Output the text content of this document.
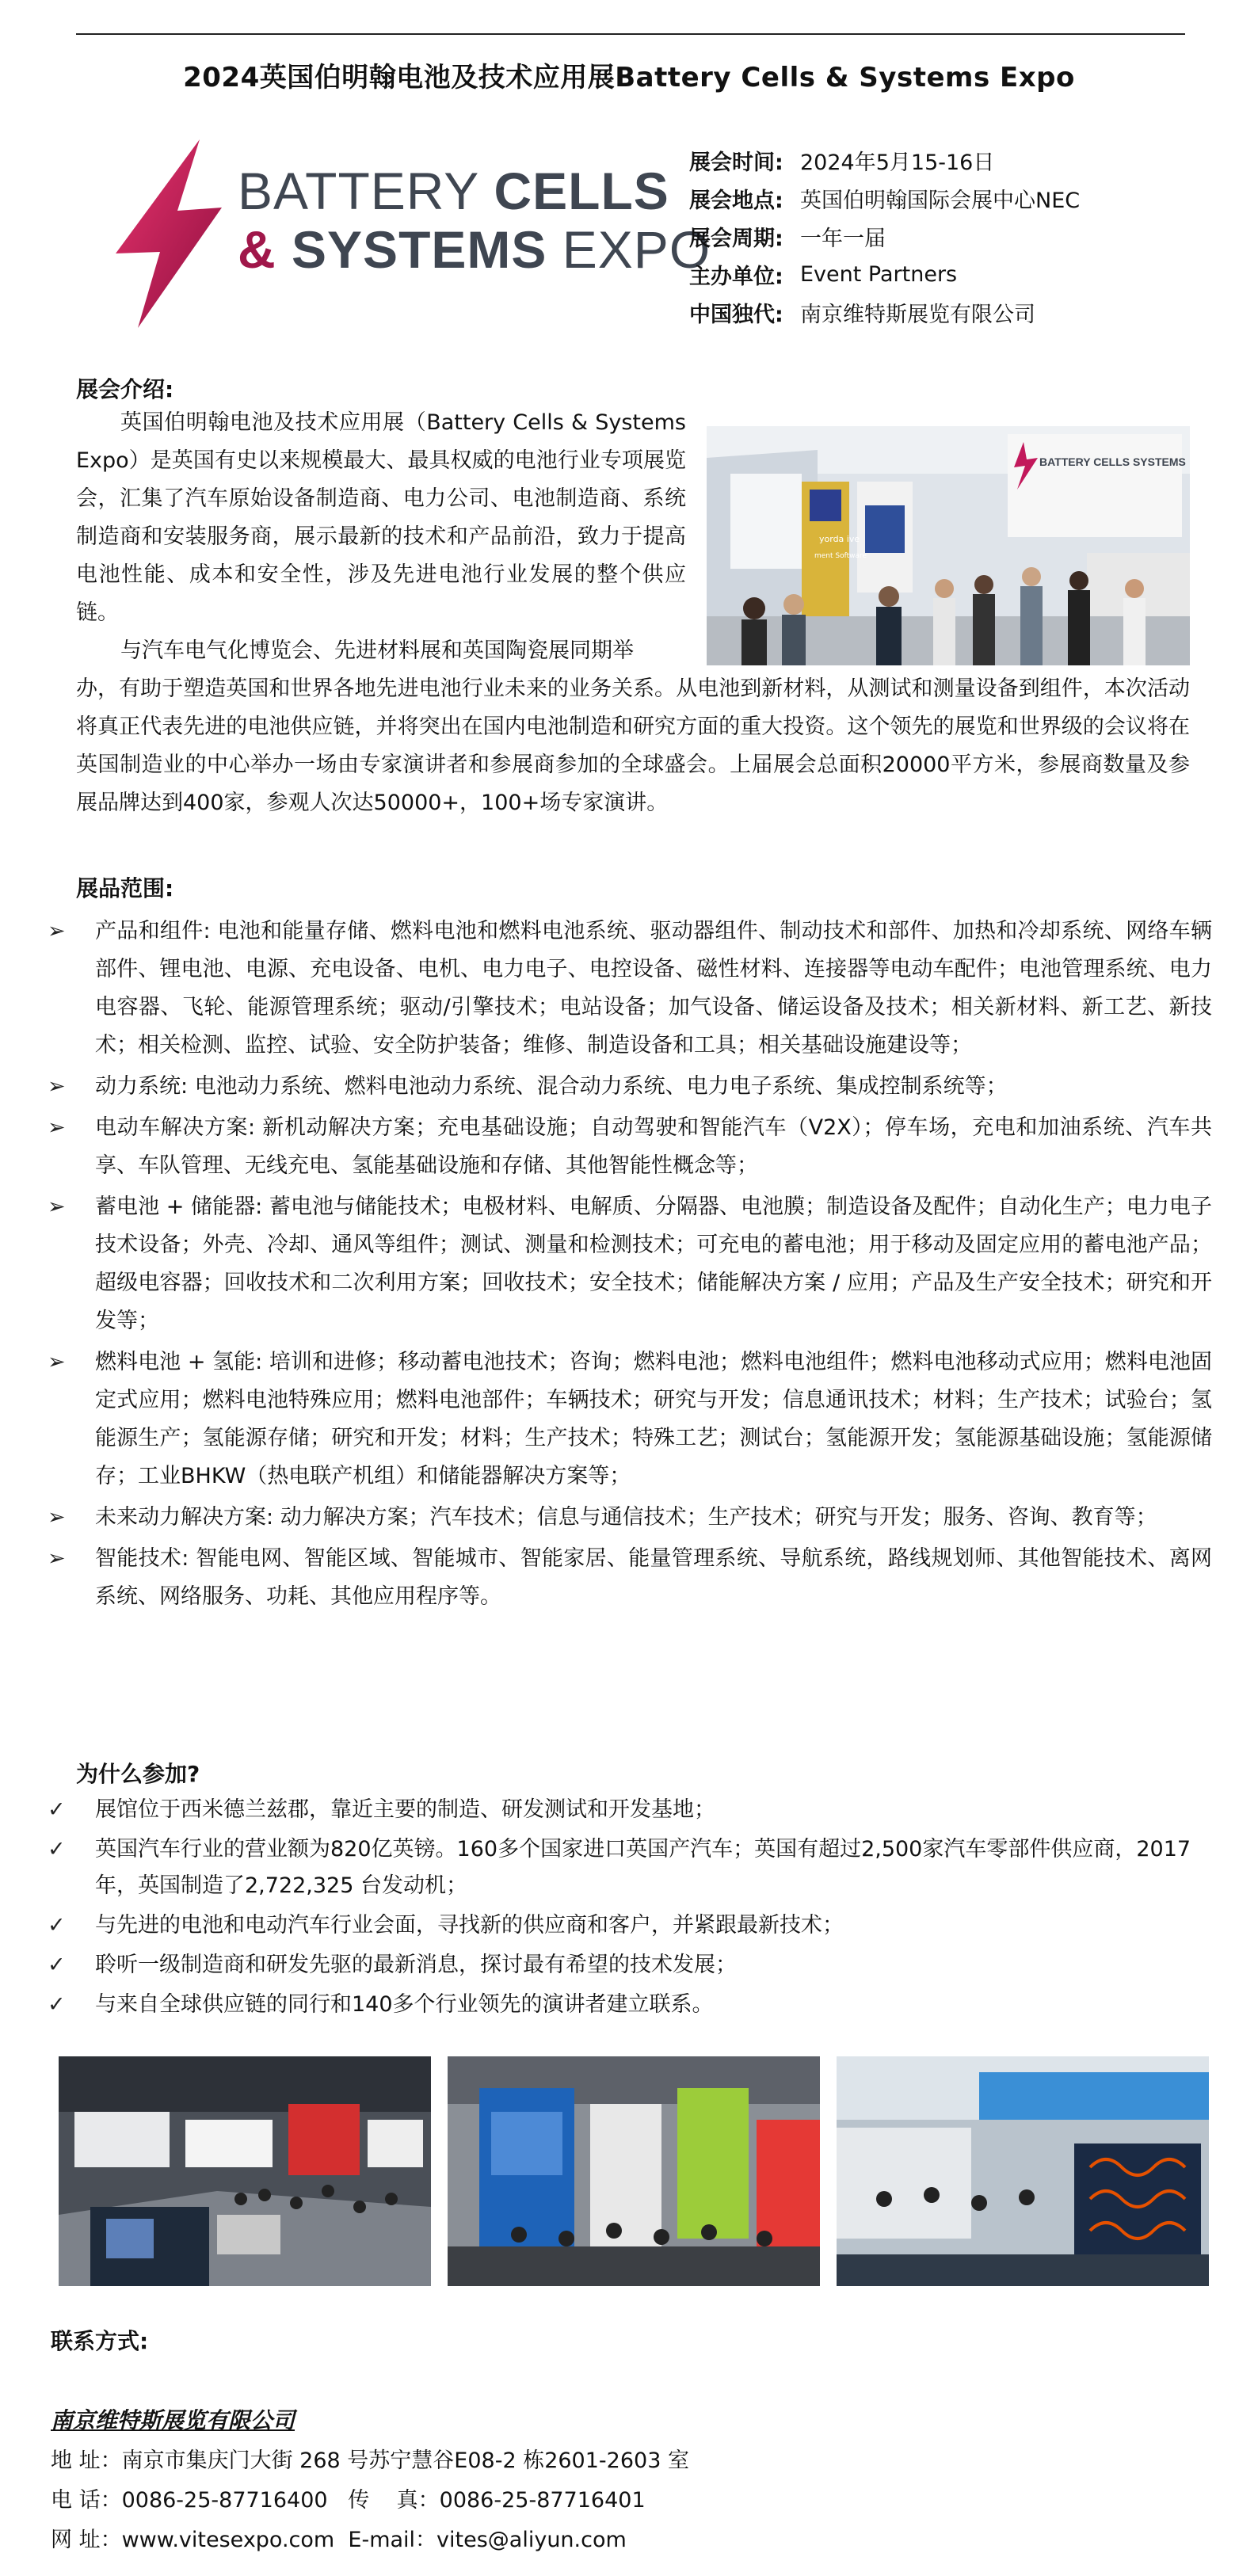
2024英国伯明翰电池及技术应用展Battery Cells & Systems Expo
BATTERY CELLS
& SYSTEMS EXPO
展会时间: 2024年5月15-16日
展会地点: 英国伯明翰国际会展中心NEC
展会周期: 一年一届
主办单位: Event Partners
中国独代: 南京维特斯展览有限公司
展会介绍:
英国伯明翰电池及技术应用展（Battery Cells & Systems Expo）是英国有史以来规模最大、最具权威的电池行业专项展览会，汇集了汽车原始设备制造商、电力公司、电池制造商、系统制造商和安装服务商，展示最新的技术和产品前沿，致力于提高电池性能、成本和安全性，涉及先进电池行业发展的整个供应链。
与汽车电气化博览会、先进材料展和英国陶瓷展同期举
办，有助于塑造英国和世界各地先进电池行业未来的业务关系。从电池到新材料，从测试和测量设备到组件，本次活动将真正代表先进的电池供应链，并将突出在国内电池制造和研究方面的重大投资。这个领先的展览和世界级的会议将在英国制造业的中心举办一场由专家演讲者和参展商参加的全球盛会。上届展会总面积20000平方米，参展商数量及参展品牌达到400家，参观人次达50000+，100+场专家演讲。
yorda ive
ment Software
BATTERY CELLS SYSTEMS
展品范围:
➢	产品和组件: 电池和能量存储、燃料电池和燃料电池系统、驱动器组件、制动技术和部件、加热和冷却系统、网络车辆部件、锂电池、电源、充电设备、电机、电力电子、电控设备、磁性材料、连接器等电动车配件；电池管理系统、电力电容器、飞轮、能源管理系统；驱动/引擎技术；电站设备；加气设备、储运设备及技术；相关新材料、新工艺、新技术；相关检测、监控、试验、安全防护装备；维修、制造设备和工具；相关基础设施建设等；
➢	动力系统: 电池动力系统、燃料电池动力系统、混合动力系统、电力电子系统、集成控制系统等；
➢	电动车解决方案: 新机动解决方案；充电基础设施；自动驾驶和智能汽车（V2X）；停车场，充电和加油系统、汽车共享、车队管理、无线充电、氢能基础设施和存储、其他智能性概念等；
➢	蓄电池 + 储能器: 蓄电池与储能技术；电极材料、电解质、分隔器、电池膜；制造设备及配件；自动化生产；电力电子技术设备；外壳、冷却、通风等组件；测试、测量和检测技术；可充电的蓄电池；用于移动及固定应用的蓄电池产品；超级电容器；回收技术和二次利用方案；回收技术；安全技术；储能解决方案 / 应用；产品及生产安全技术；研究和开发等；
➢	燃料电池 + 氢能: 培训和进修；移动蓄电池技术；咨询；燃料电池；燃料电池组件；燃料电池移动式应用；燃料电池固定式应用；燃料电池特殊应用；燃料电池部件；车辆技术；研究与开发；信息通讯技术；材料；生产技术；试验台；氢能源生产；氢能源存储；研究和开发；材料；生产技术；特殊工艺；测试台；氢能源开发；氢能源基础设施；氢能源储存；工业BHKW（热电联产机组）和储能器解决方案等；
➢	未来动力解决方案: 动力解决方案；汽车技术；信息与通信技术；生产技术；研究与开发；服务、咨询、教育等；
➢	智能技术: 智能电网、智能区域、智能城市、智能家居、能量管理系统、导航系统，路线规划师、其他智能技术、离网系统、网络服务、功耗、其他应用程序等。
为什么参加?
✓ 展馆位于西米德兰兹郡，靠近主要的制造、研发测试和开发基地；
✓ 英国汽车行业的营业额为820亿英镑。160多个国家进口英国产汽车；英国有超过2,500家汽车零部件供应商，2017年，英国制造了2,722,325 台发动机；
✓ 与先进的电池和电动汽车行业会面，寻找新的供应商和客户，并紧跟最新技术；
✓ 聆听一级制造商和研发先驱的最新消息，探讨最有希望的技术发展；
✓ 与来自全球供应链的同行和140多个行业领先的演讲者建立联系。
联系方式:
南京维特斯展览有限公司
地 址：南京市集庆门大街 268 号苏宁慧谷E08-2 栋2601-2603 室
电 话：0086-25-87716400   传    真：0086-25-87716401
网 址：www.vitesexpo.com  E-mail：vites@aliyun.com
